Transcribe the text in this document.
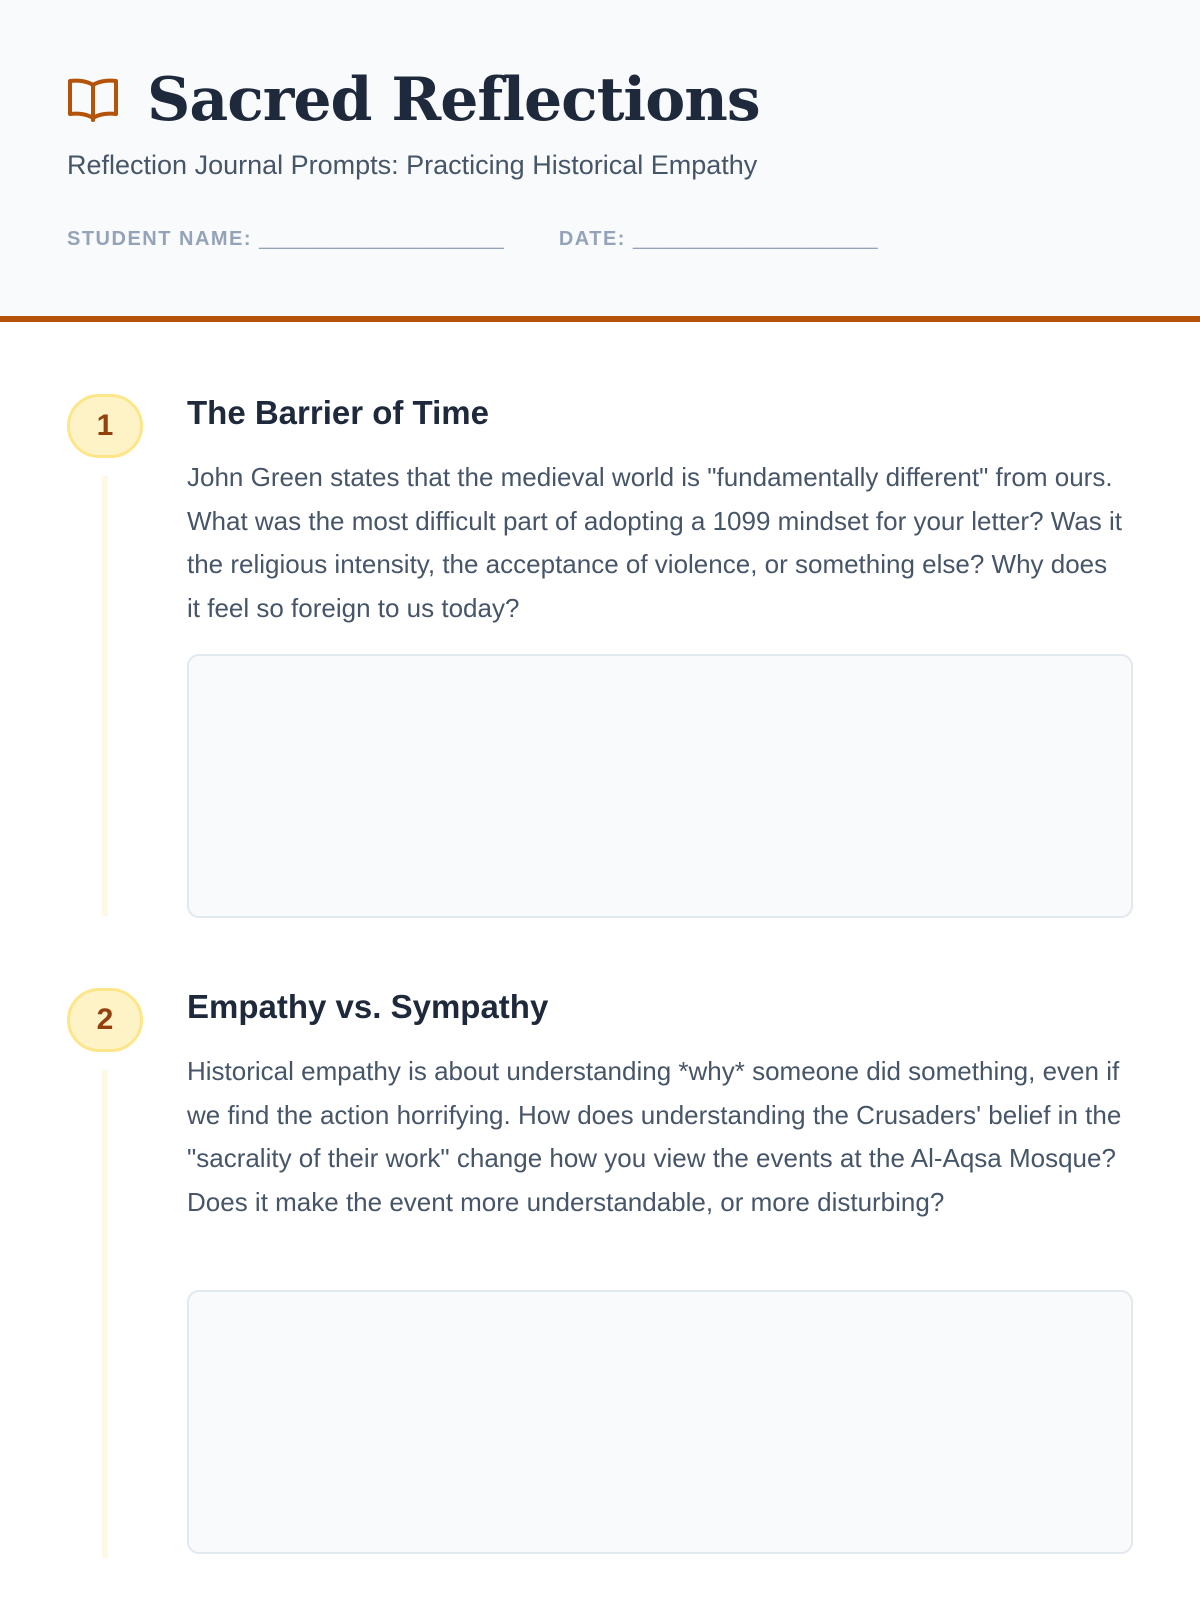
Sacred Reflections

Reflection Journal Prompts: Practicing Historical Empathy

STUDENT NAME: ______________________	DATE: ______________________
1	The Barrier of Time

John Green states that the medieval world is "fundamentally different" from ours. What was the most difficult part of adopting a 1099 mindset for your letter? Was it the religious intensity, the acceptance of violence, or something else? Why does it feel so foreign to us today?

2	Empathy vs. Sympathy

Historical empathy is about understanding *why* someone did something, even if we find the action horrifying. How does understanding the Crusaders' belief in the "sacrality of their work" change how you view the events at the Al-Aqsa Mosque? Does it make the event more understandable, or more disturbing?
